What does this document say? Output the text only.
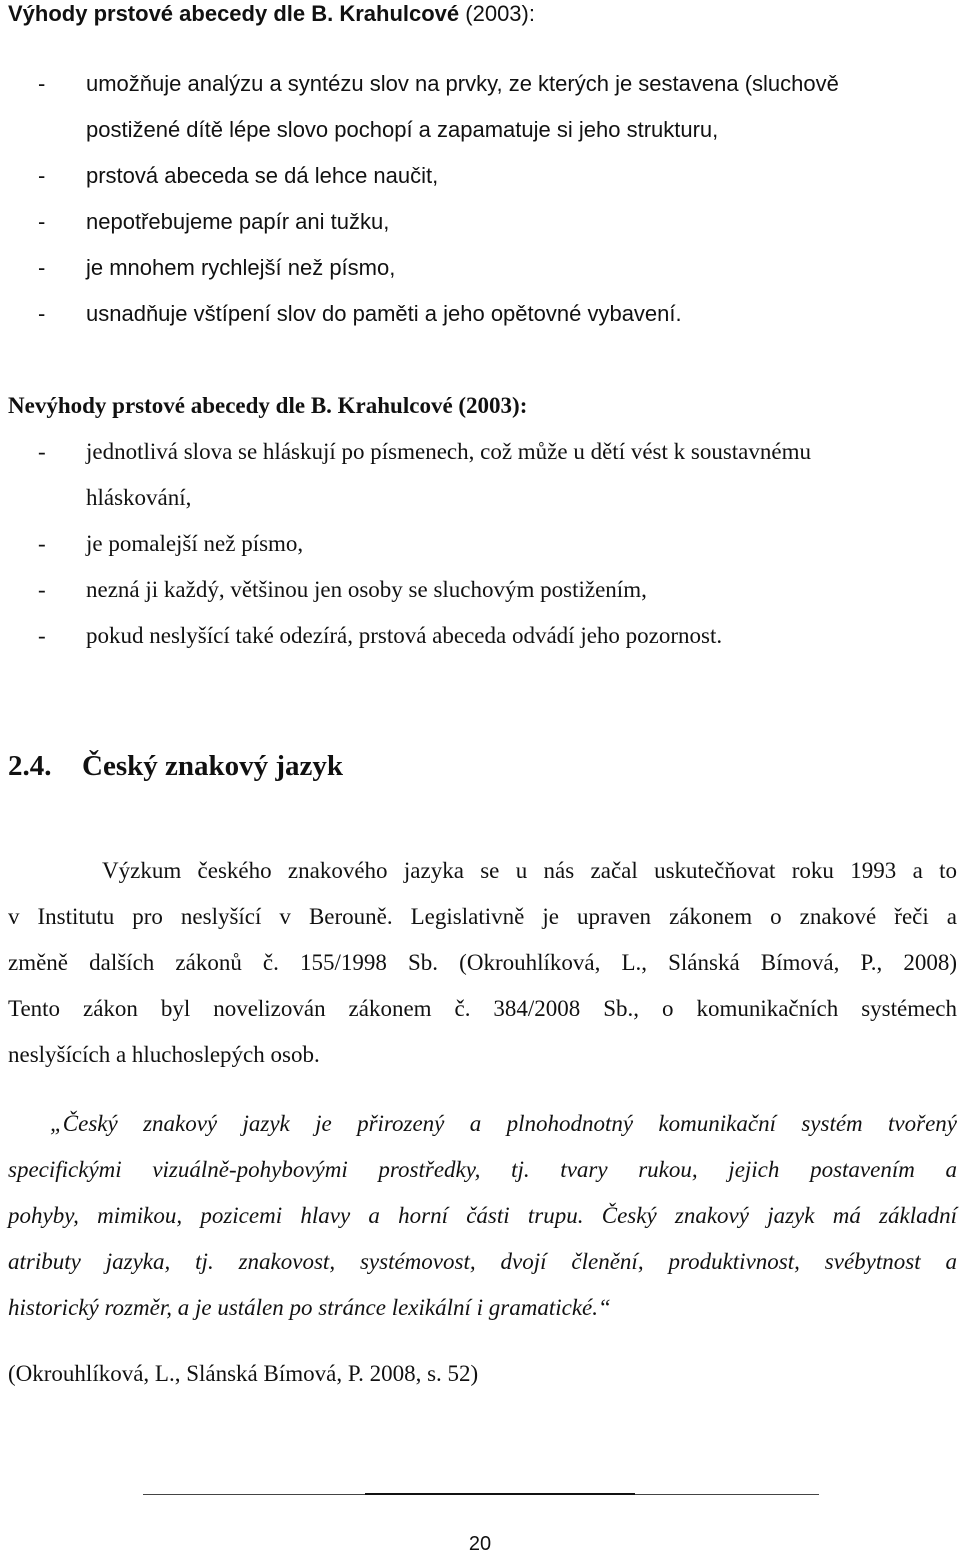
Výhody prstové abecedy dle B. Krahulcové (2003):
- umožňuje analýzu a syntézu slov na prvky, ze kterých je sestavena (sluchově
postižené dítě lépe slovo pochopí a zapamatuje si jeho strukturu,
- prstová abeceda se dá lehce naučit,
- nepotřebujeme papír ani tužku,
- je mnohem rychlejší než písmo,
- usnadňuje vštípení slov do paměti a jeho opětovné vybavení.
Nevýhody prstové abecedy dle B. Krahulcové (2003):
- jednotlivá slova se hláskují po písmenech, což může u dětí vést k soustavnému
hláskování,
- je pomalejší než písmo,
- nezná ji každý, většinou jen osoby se sluchovým postižením,
- pokud neslyšící také odezírá, prstová abeceda odvádí jeho pozornost.
2.4. Český znakový jazyk
Výzkum českého znakového jazyka se u nás začal uskutečňovat roku 1993 a to
v Institutu pro neslyšící v Berouně. Legislativně je upraven zákonem o znakové řeči a
změně dalších zákonů č. 155/1998 Sb. (Okrouhlíková, L., Slánská Bímová, P., 2008)
Tento zákon byl novelizován zákonem č. 384/2008 Sb., o komunikačních systémech
neslyšících a hluchoslepých osob.
„Český znakový jazyk je přirozený a plnohodnotný komunikační systém tvořený
specifickými vizuálně-pohybovými prostředky, tj. tvary rukou, jejich postavením a
pohyby, mimikou, pozicemi hlavy a horní části trupu. Český znakový jazyk má základní
atributy jazyka, tj. znakovost, systémovost, dvojí členění, produktivnost, svébytnost a
historický rozměr, a je ustálen po stránce lexikální i gramatické.“
(Okrouhlíková, L., Slánská Bímová, P. 2008, s. 52)
20
